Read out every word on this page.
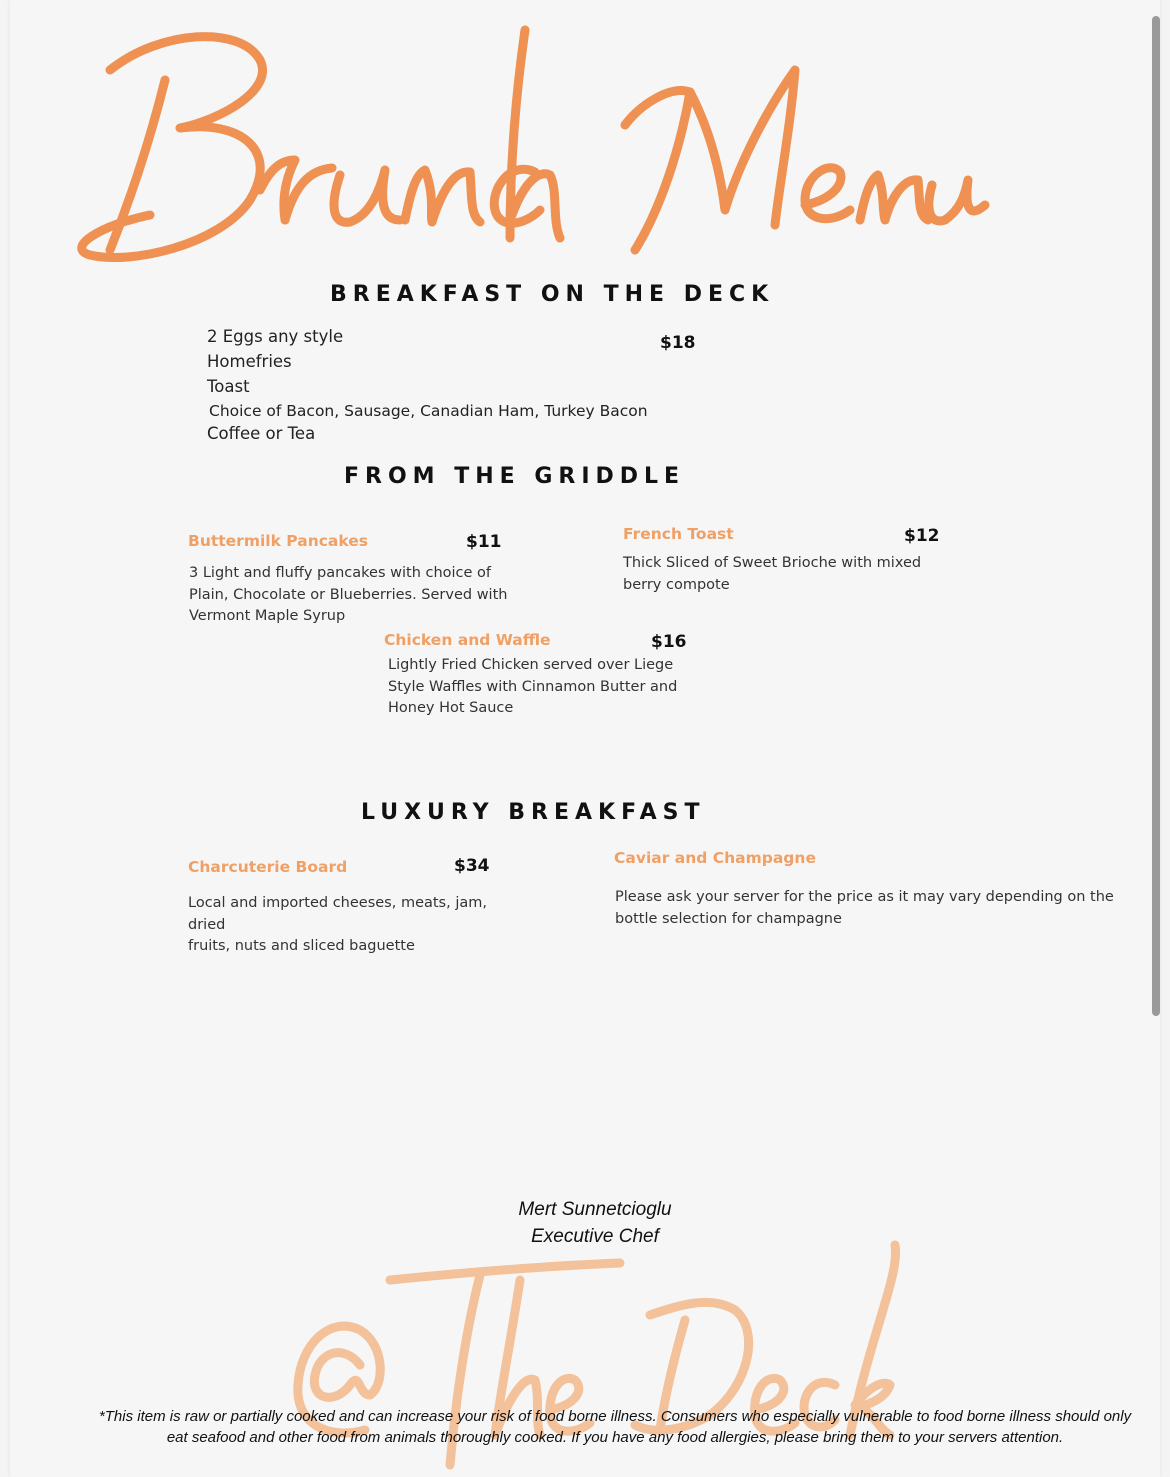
BREAKFAST ON THE DECK
2 Eggs any style
Homefries
Toast
Choice of Bacon, Sausage, Canadian Ham, Turkey Bacon
Coffee or Tea
$18
FROM THE GRIDDLE
Buttermilk Pancakes	$11
3 Light and fluffy pancakes with choice of
Plain, Chocolate or Blueberries. Served with
Vermont Maple Syrup
French Toast	$12
Thick Sliced of Sweet Brioche with mixed
berry compote
Chicken and Waffle	$16
Lightly Fried Chicken served over Liege
Style Waffles with Cinnamon Butter and
Honey Hot Sauce
LUXURY BREAKFAST
Charcuterie Board	$34
Local and imported cheeses, meats, jam, dried
fruits, nuts and sliced baguette
Caviar and Champagne
Please ask your server for the price as it may vary depending on the
bottle selection for champagne
Mert Sunnetcioglu
Executive Chef
*This item is raw or partially cooked and can increase your risk of food borne illness. Consumers who especially vulnerable to food borne illness should only
eat seafood and other food from animals thoroughly cooked. If you have any food allergies, please bring them to your servers attention.
